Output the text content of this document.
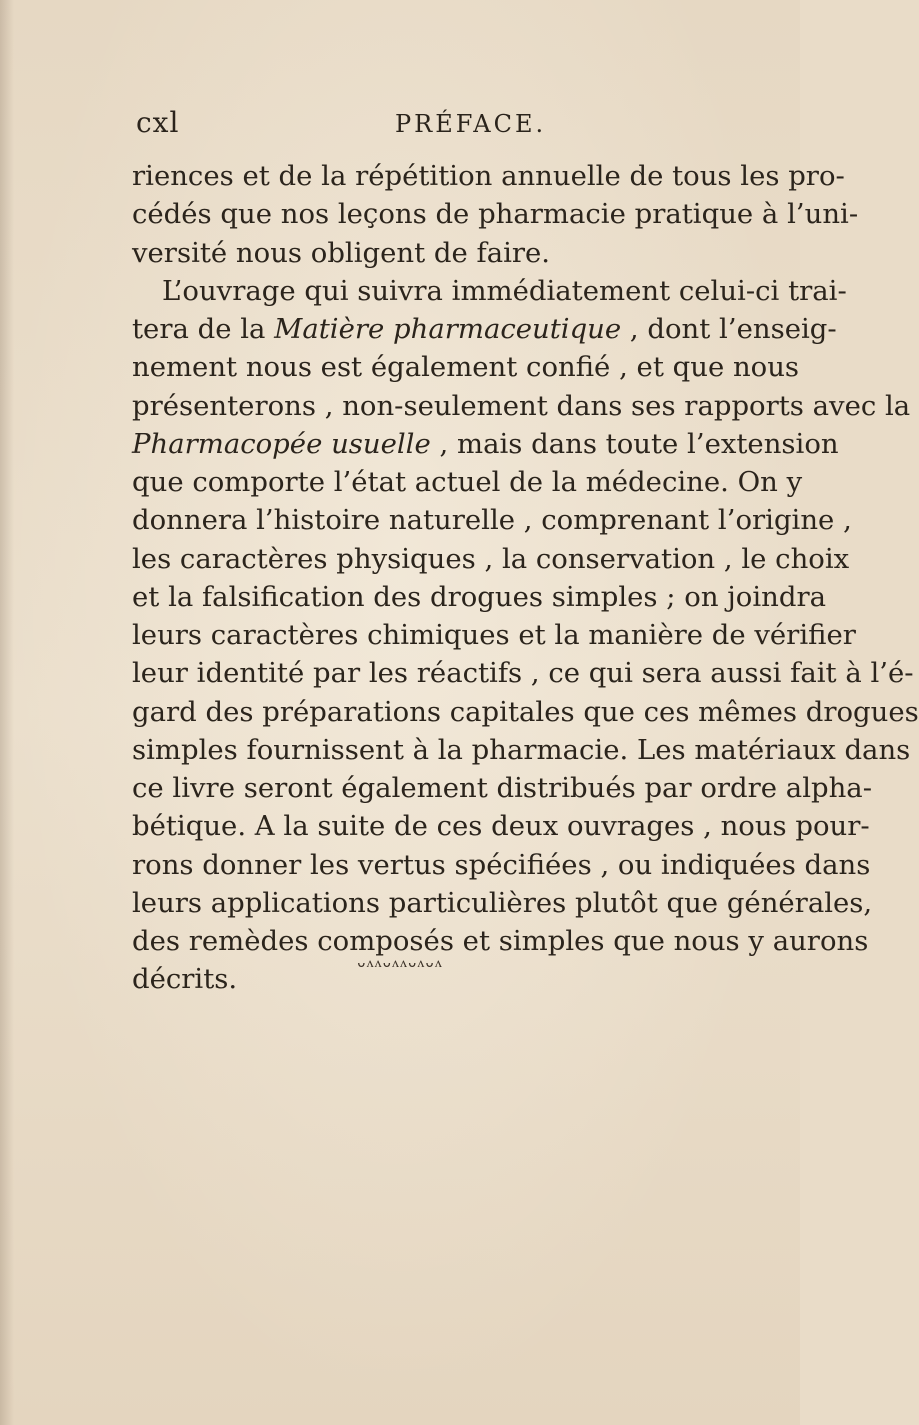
cxl	PRÉFACE.
riences et de la répétition annuelle de tous les pro-
cédés que nos leçons de pharmacie pratique à l’uni-
versité nous obligent de faire.
L’ouvrage qui suivra immédiatement celui-ci trai-
tera de la Matière pharmaceutique , dont l’enseig-
nement nous est également confié , et que nous
présenterons , non-seulement dans ses rapports avec la
Pharmacopée usuelle , mais dans toute l’extension
que comporte l’état actuel de la médecine. On y
donnera l’histoire naturelle , comprenant l’origine ,
les caractères physiques , la conservation , le choix
et la falsification des drogues simples ; on joindra
leurs caractères chimiques et la manière de vérifier
leur identité par les réactifs , ce qui sera aussi fait à l’é-
gard des préparations capitales que ces mêmes drogues
simples fournissent à la pharmacie. Les matériaux dans
ce livre seront également distribués par ordre alpha-
bétique. A la suite de ces deux ouvrages , nous pour-
rons donner les vertus spécifiées , ou indiquées dans
leurs applications particulières plutôt que générales,
des remèdes composés et simples que nous y aurons
décrits.
ᴗᴧᴧᴗᴧᴧᴗᴧᴗᴧ
